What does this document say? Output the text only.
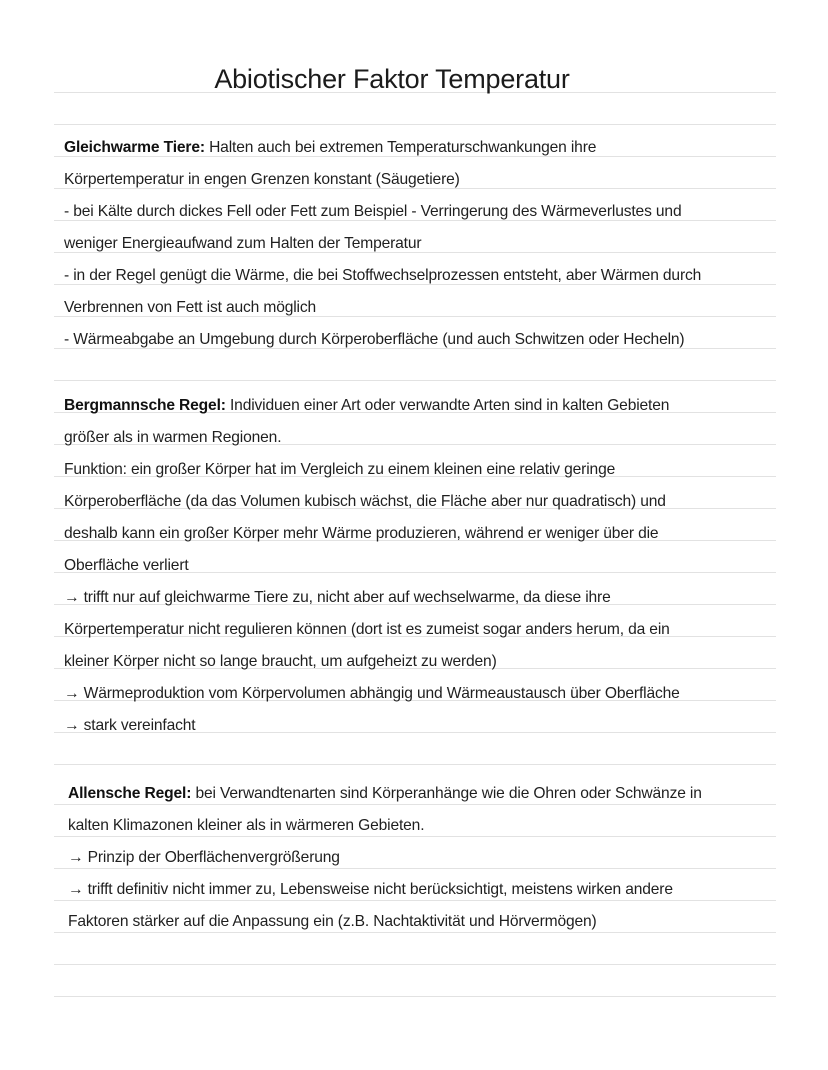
Abiotischer Faktor Temperatur
Gleichwarme Tiere: Halten auch bei extremen Temperaturschwankungen ihre
Körpertemperatur in engen Grenzen konstant (Säugetiere)
- bei Kälte durch dickes Fell oder Fett zum Beispiel - Verringerung des Wärmeverlustes und
weniger Energieaufwand zum Halten der Temperatur
- in der Regel genügt die Wärme, die bei Stoffwechselprozessen entsteht, aber Wärmen durch
Verbrennen von Fett ist auch möglich
- Wärmeabgabe an Umgebung durch Körperoberfläche (und auch Schwitzen oder Hecheln)
Bergmannsche Regel: Individuen einer Art oder verwandte Arten sind in kalten Gebieten
größer als in warmen Regionen.
Funktion: ein großer Körper hat im Vergleich zu einem kleinen eine relativ geringe
Körperoberfläche (da das Volumen kubisch wächst, die Fläche aber nur quadratisch) und
deshalb kann ein großer Körper mehr Wärme produzieren, während er weniger über die
Oberfläche verliert
→ trifft nur auf gleichwarme Tiere zu, nicht aber auf wechselwarme, da diese ihre
Körpertemperatur nicht regulieren können (dort ist es zumeist sogar anders herum, da ein
kleiner Körper nicht so lange braucht, um aufgeheizt zu werden)
→ Wärmeproduktion vom Körpervolumen abhängig und Wärmeaustausch über Oberfläche
→ stark vereinfacht
Allensche Regel: bei Verwandtenarten sind Körperanhänge wie die Ohren oder Schwänze in
kalten Klimazonen kleiner als in wärmeren Gebieten.
→ Prinzip der Oberflächenvergrößerung
→ trifft definitiv nicht immer zu, Lebensweise nicht berücksichtigt, meistens wirken andere
Faktoren stärker auf die Anpassung ein (z.B. Nachtaktivität und Hörvermögen)
